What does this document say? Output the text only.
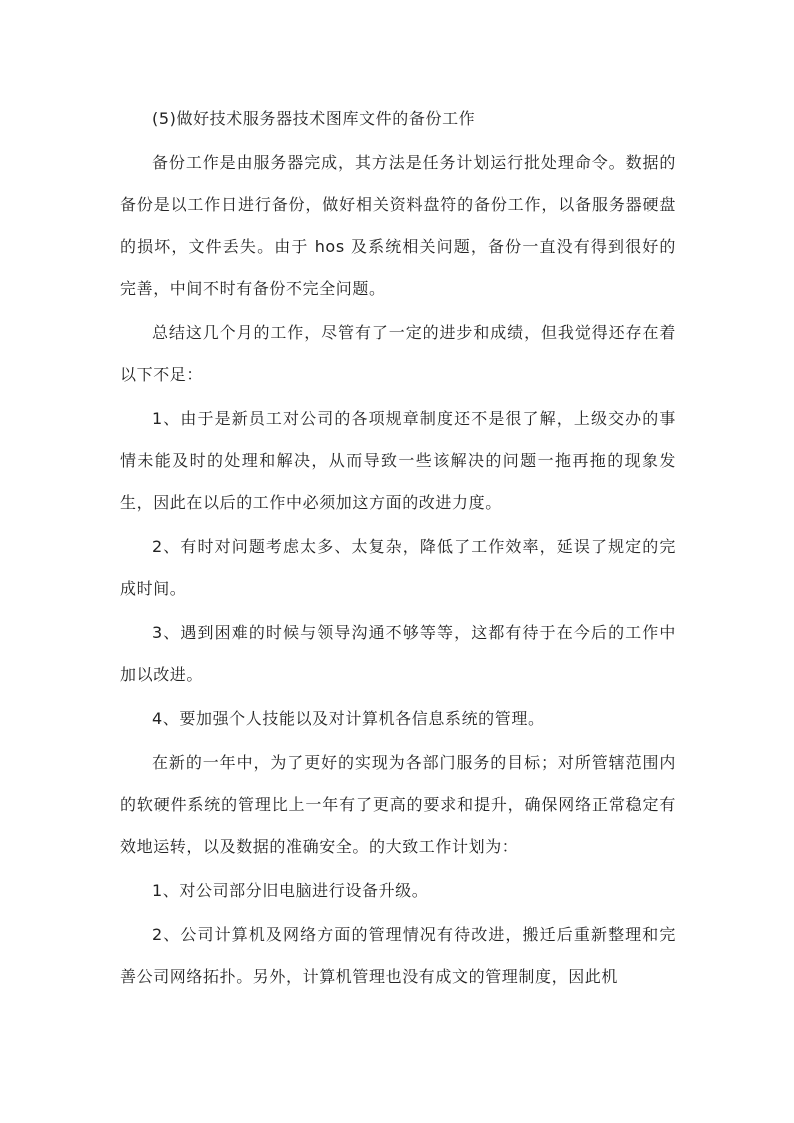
(5)做好技术服务器技术图库文件的备份工作

备份工作是由服务器完成，其方法是任务计划运行批处理命令。数据的备份是以工作日进行备份，做好相关资料盘符的备份工作，以备服务器硬盘的损坏，文件丢失。由于 hos 及系统相关问题，备份一直没有得到很好的完善，中间不时有备份不完全问题。

总结这几个月的工作，尽管有了一定的进步和成绩，但我觉得还存在着以下不足：

1、由于是新员工对公司的各项规章制度还不是很了解，上级交办的事情未能及时的处理和解决，从而导致一些该解决的问题一拖再拖的现象发生，因此在以后的工作中必须加这方面的改进力度。

2、有时对问题考虑太多、太复杂，降低了工作效率，延误了规定的完成时间。

3、遇到困难的时候与领导沟通不够等等，这都有待于在今后的工作中加以改进。

4、要加强个人技能以及对计算机各信息系统的管理。

在新的一年中，为了更好的实现为各部门服务的目标；对所管辖范围内的软硬件系统的管理比上一年有了更高的要求和提升，确保网络正常稳定有效地运转，以及数据的准确安全。的大致工作计划为：

1、对公司部分旧电脑进行设备升级。

2、公司计算机及网络方面的管理情况有待改进，搬迁后重新整理和完善公司网络拓扑。另外，计算机管理也没有成文的管理制度，因此机
